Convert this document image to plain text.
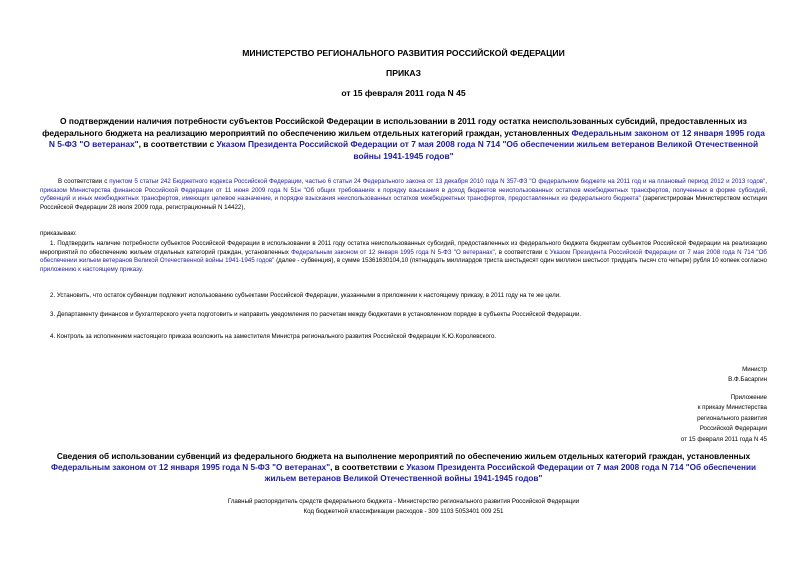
МИНИСТЕРСТВО РЕГИОНАЛЬНОГО РАЗВИТИЯ РОССИЙСКОЙ ФЕДЕРАЦИИ
ПРИКАЗ
от 15 февраля 2011 года N 45
О подтверждении наличия потребности субъектов Российской Федерации в использовании в 2011 году остатка неиспользованных субсидий, предоставленных из федерального бюджета на реализацию мероприятий по обеспечению жильем отдельных категорий граждан, установленных Федеральным законом от 12 января 1995 года N 5-ФЗ "О ветеранах", в соответствии с Указом Президента Российской Федерации от 7 мая 2008 года N 714 "Об обеспечении жильем ветеранов Великой Отечественной войны 1941-1945 годов"
В соответствии с пунктом 5 статьи 242 Бюджетного кодекса Российской Федерации, частью 6 статьи 24 Федерального закона от 13 декабря 2010 года N 357-ФЗ "О федеральном бюджете на 2011 год и на плановый период 2012 и 2013 годов", приказом Министерства финансов Российской Федерации от 11 июня 2009 года N 51н "Об общих требованиях к порядку взыскания в доход бюджетов неиспользованных остатков межбюджетных трансфертов, полученных в форме субсидий, субвенций и иных межбюджетных трансфертов, имеющих целевое назначение, и порядке взыскания неиспользованных остатков межбюджетных трансфертов, предоставленных из федерального бюджета" (зарегистрирован Министерством юстиции Российской Федерации 28 июля 2009 года, регистрационный N 14422),
приказываю:
1. Подтвердить наличие потребности субъектов Российской Федерации в использовании в 2011 году остатка неиспользованных субсидий, предоставленных из федерального бюджета бюджетам субъектов Российской Федерации на реализацию мероприятий по обеспечению жильем отдельных категорий граждан, установленных Федеральным законом от 12 января 1995 года N 5-ФЗ "О ветеранах", в соответствии с Указом Президента Российской Федерации от 7 мая 2008 года N 714 "Об обеспечении жильем ветеранов Великой Отечественной войны 1941-1945 годов" (далее - субвенция), в сумме 15361630104,10 (пятнадцать миллиардов триста шестьдесят один миллион шестьсот тридцать тысяч сто четыре) рубля 10 копеек согласно приложению к настоящему приказу.
2. Установить, что остаток субвенции подлежит использованию субъектами Российской Федерации, указанными в приложении к настоящему приказу, в 2011 году на те же цели.
3. Департаменту финансов и бухгалтерского учета подготовить и направить уведомления по расчетам между бюджетами в установленном порядке в субъекты Российской Федерации.
4. Контроль за исполнением настоящего приказа возложить на заместителя Министра регионального развития Российской Федерации К.Ю.Королевского.
Министр
В.Ф.Басаргин
Приложение
к приказу Министерства
регионального развития
Российской Федерации
от 15 февраля 2011 года N 45
Сведения об использовании субвенций из федерального бюджета на выполнение мероприятий по обеспечению жильем отдельных категорий граждан, установленных Федеральным законом от 12 января 1995 года N 5-ФЗ "О ветеранах", в соответствии с Указом Президента Российской Федерации от 7 мая 2008 года N 714 "Об обеспечении жильем ветеранов Великой Отечественной войны 1941-1945 годов"
Главный распорядитель средств федерального бюджета - Министерство регионального развития Российской Федерации
Код бюджетной классификации расходов - 309 1103 5053401 009 251
